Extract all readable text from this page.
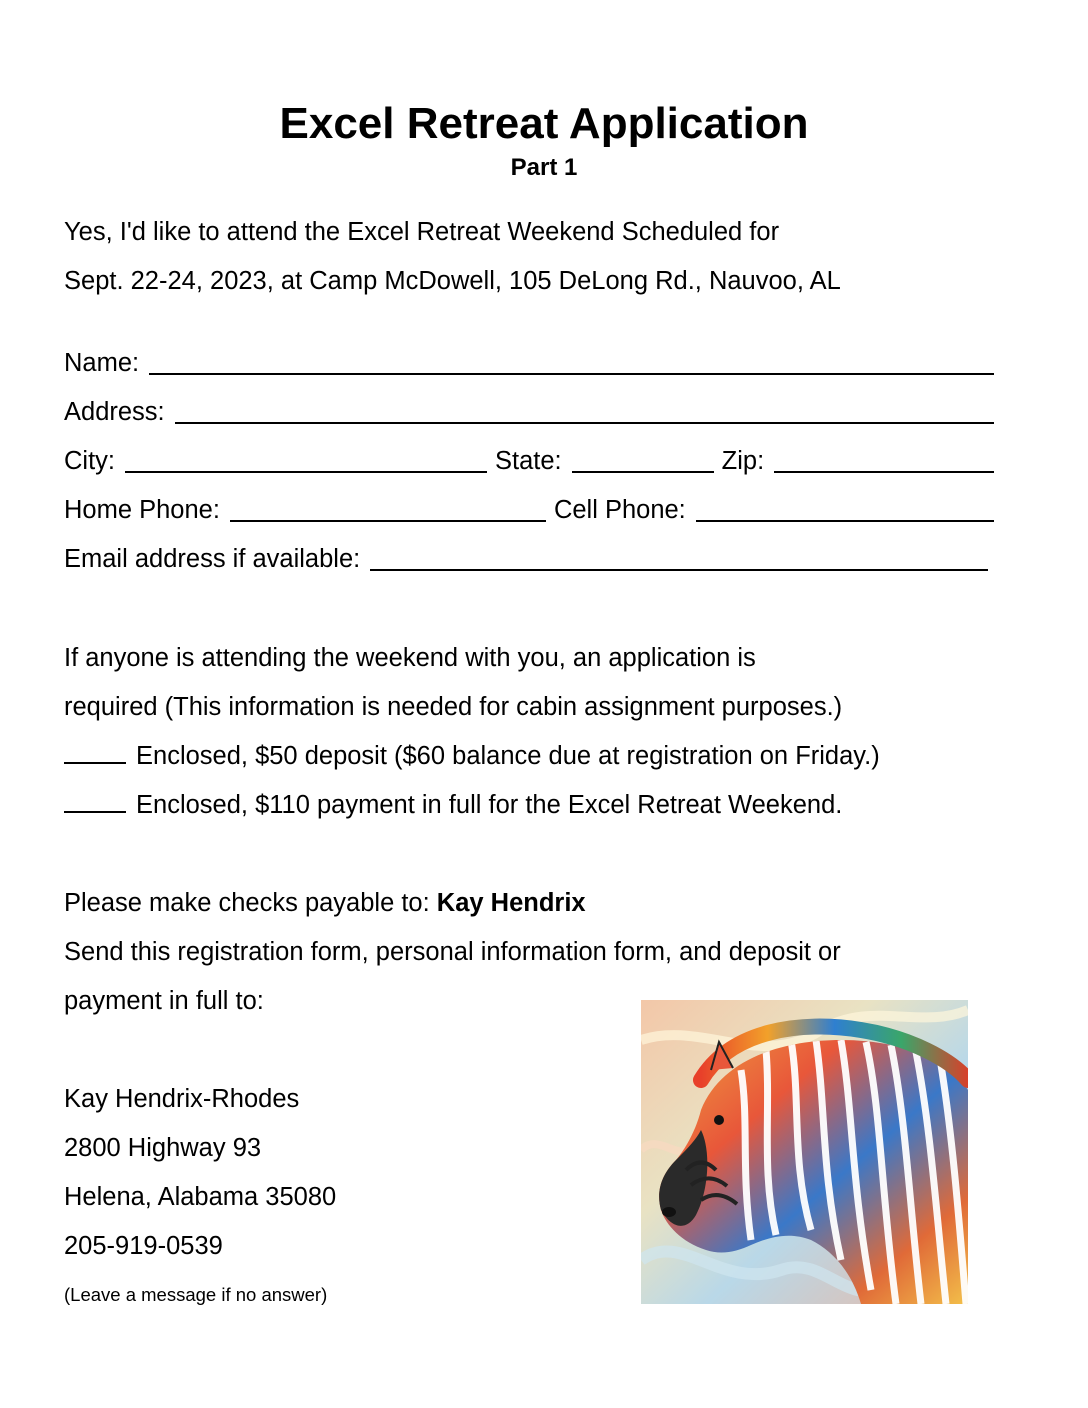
Excel Retreat Application
Part 1
Yes, I'd like to attend the Excel Retreat Weekend Scheduled for
Sept. 22-24, 2023, at Camp McDowell, 105 DeLong Rd., Nauvoo, AL
Name:
Address:
City:	State:	Zip:
Home Phone:	Cell Phone:
Email address if available:
If anyone is attending the weekend with you, an application is
required (This information is needed for cabin assignment purposes.)
Enclosed, $50 deposit ($60 balance due at registration on Friday.)
Enclosed, $110 payment in full for the Excel Retreat Weekend.
Please make checks payable to: Kay Hendrix
Send this registration form, personal information form, and deposit or
payment in full to:
Kay Hendrix-Rhodes
2800 Highway 93
Helena, Alabama 35080
205-919-0539
(Leave a message if no answer)
